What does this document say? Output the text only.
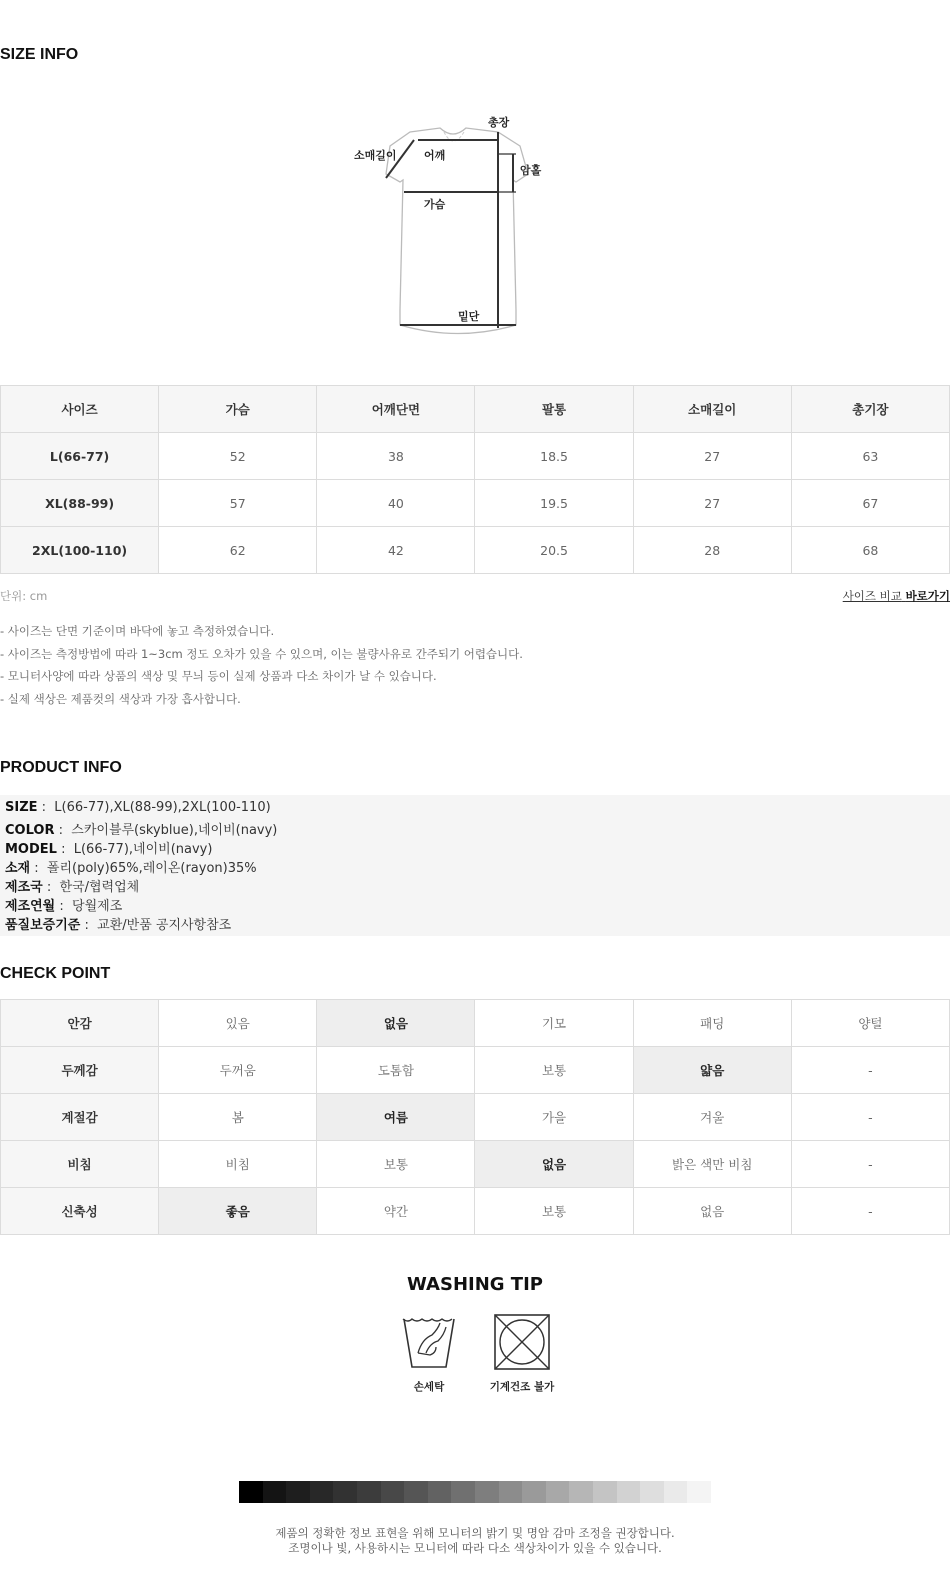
SIZE INFO
총장
소매길이 어깨
암홀
가슴
밑단
사이즈	가슴	어깨단면	팔통	소매길이	총기장
L(66-77)	52	38	18.5	27	63
XL(88-99)	57	40	19.5	27	67
2XL(100-110)	62	42	20.5	28	68
단위: cm	사이즈 비교 바로가기
- 사이즈는 단면 기준이며 바닥에 놓고 측정하였습니다.
- 사이즈는 측정방법에 따라 1~3cm 정도 오차가 있을 수 있으며, 이는 불량사유로 간주되기 어렵습니다.
- 모니터사양에 따라 상품의 색상 및 무늬 등이 실제 상품과 다소 차이가 날 수 있습니다.
- 실제 색상은 제품컷의 색상과 가장 흡사합니다.
PRODUCT INFO
SIZE :  L(66-77),XL(88-99),2XL(100-110)
COLOR :  스카이블루(skyblue),네이비(navy)
MODEL :  L(66-77),네이비(navy)
소재 :  폴리(poly)65%,레이온(rayon)35%
제조국 :  한국/협력업체
제조연월 :  당월제조
품질보증기준 :  교환/반품 공지사항참조
CHECK POINT
안감	있음	없음	기모	패딩	양털
두께감	두꺼움	도톰함	보통	얇음	-
계절감	봄	여름	가을	겨울	-
비침	비침	보통	없음	밝은 색만 비침	-
신축성	좋음	약간	보통	없음	-
WASHING TIP
손세탁	기계건조 불가
제품의 정확한 정보 표현을 위해 모니터의 밝기 및 명암 감마 조정을 권장합니다.
조명이나 빛, 사용하시는 모니터에 따라 다소 색상차이가 있을 수 있습니다.
